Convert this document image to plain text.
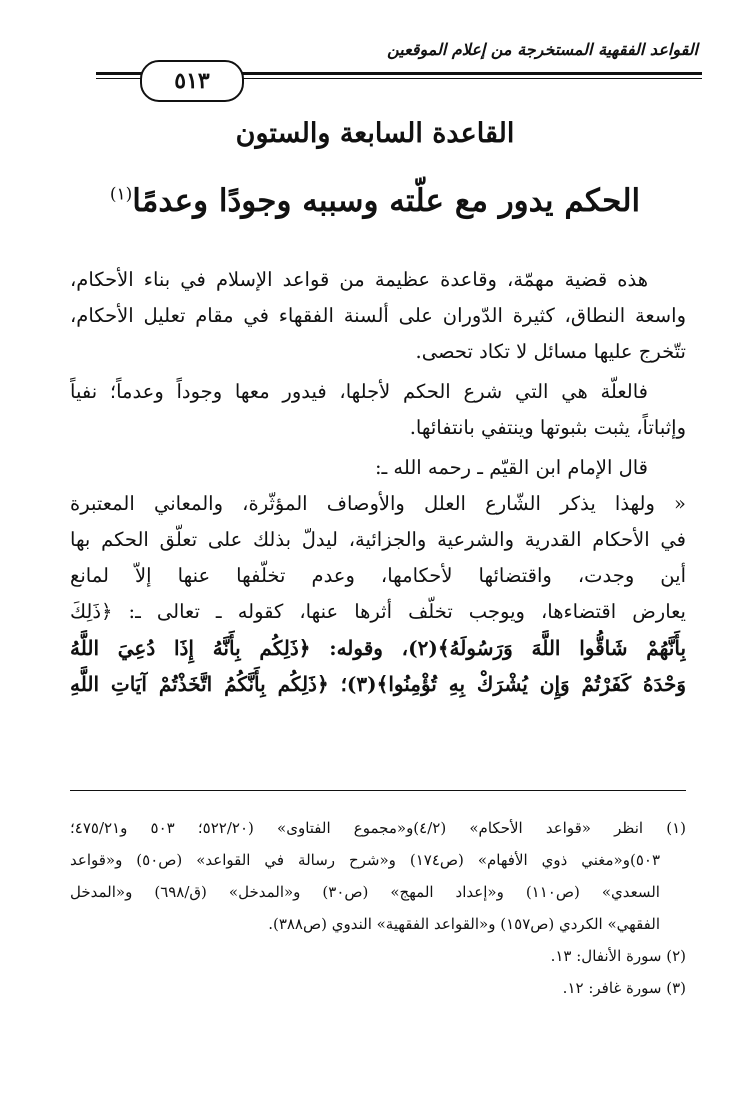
القواعد الفقهية المستخرجة من إعلام الموقعين
٥١٣
القاعدة السابعة والستون
الحكم يدور مع علّته وسببه وجودًا وعدمًا$^{(١)}$
هذه قضية مهمّة، وقاعدة عظيمة من قواعد الإسلام في بناء الأحكام،
واسعة النطاق، كثيرة الدّوران على ألسنة الفقهاء في مقام تعليل الأحكام،
تتّخرج عليها مسائل لا تكاد تحصى.
فالعلّة هي التي شرع الحكم لأجلها، فيدور معها وجوداً وعدماً؛ نفياً
وإثباتاً، يثبت بثبوتها وينتفي بانتفائها.
قال الإمام ابن القيّم ـ رحمه الله ـ:
« ولهذا يذكر الشّارع العلل والأوصاف المؤثّرة، والمعاني المعتبرة
في الأحكام القدرية والشرعية والجزائية، ليدلّ بذلك على تعلّق الحكم بها
أين وجدت، واقتضائها لأحكامها، وعدم تخلّفها عنها إلاّ لمانع
يعارض اقتضاءها، ويوجب تخلّف أثرها عنها، كقوله ـ تعالى ـ: ﴿ذَلِكَ
بِأَنَّهُمْ شَاقُّوا اللَّهَ وَرَسُولَهُ﴾(٢)، وقوله: ﴿ذَلِكُم بِأَنَّهُ إِذَا دُعِيَ اللَّهُ
وَحْدَهُ كَفَرْتُمْ وَإِن يُشْرَكْ بِهِ تُؤْمِنُوا﴾(٣)؛ ﴿ذَلِكُم بِأَنَّكُمُ اتَّخَذْتُمْ آيَاتِ اللَّهِ
(١) انظر «قواعد الأحكام» (٤/٢)و«مجموع الفتاوى» (٥٢٢/٢٠؛ ٥٠٣ و٤٧٥/٢١؛
٥٠٣)و«مغني ذوي الأفهام» (ص١٧٤) و«شرح رسالة في القواعد» (ص٥٠) و«قواعد
السعدي» (ص١١٠) و«إعداد المهج» (ص٣٠) و«المدخل» (ق/٦٩٨) و«المدخل
الفقهي» الكردي (ص١٥٧) و«القواعد الفقهية» الندوي (ص٣٨٨).
(٢) سورة الأنفال: ١٣.
(٣) سورة غافر: ١٢.
